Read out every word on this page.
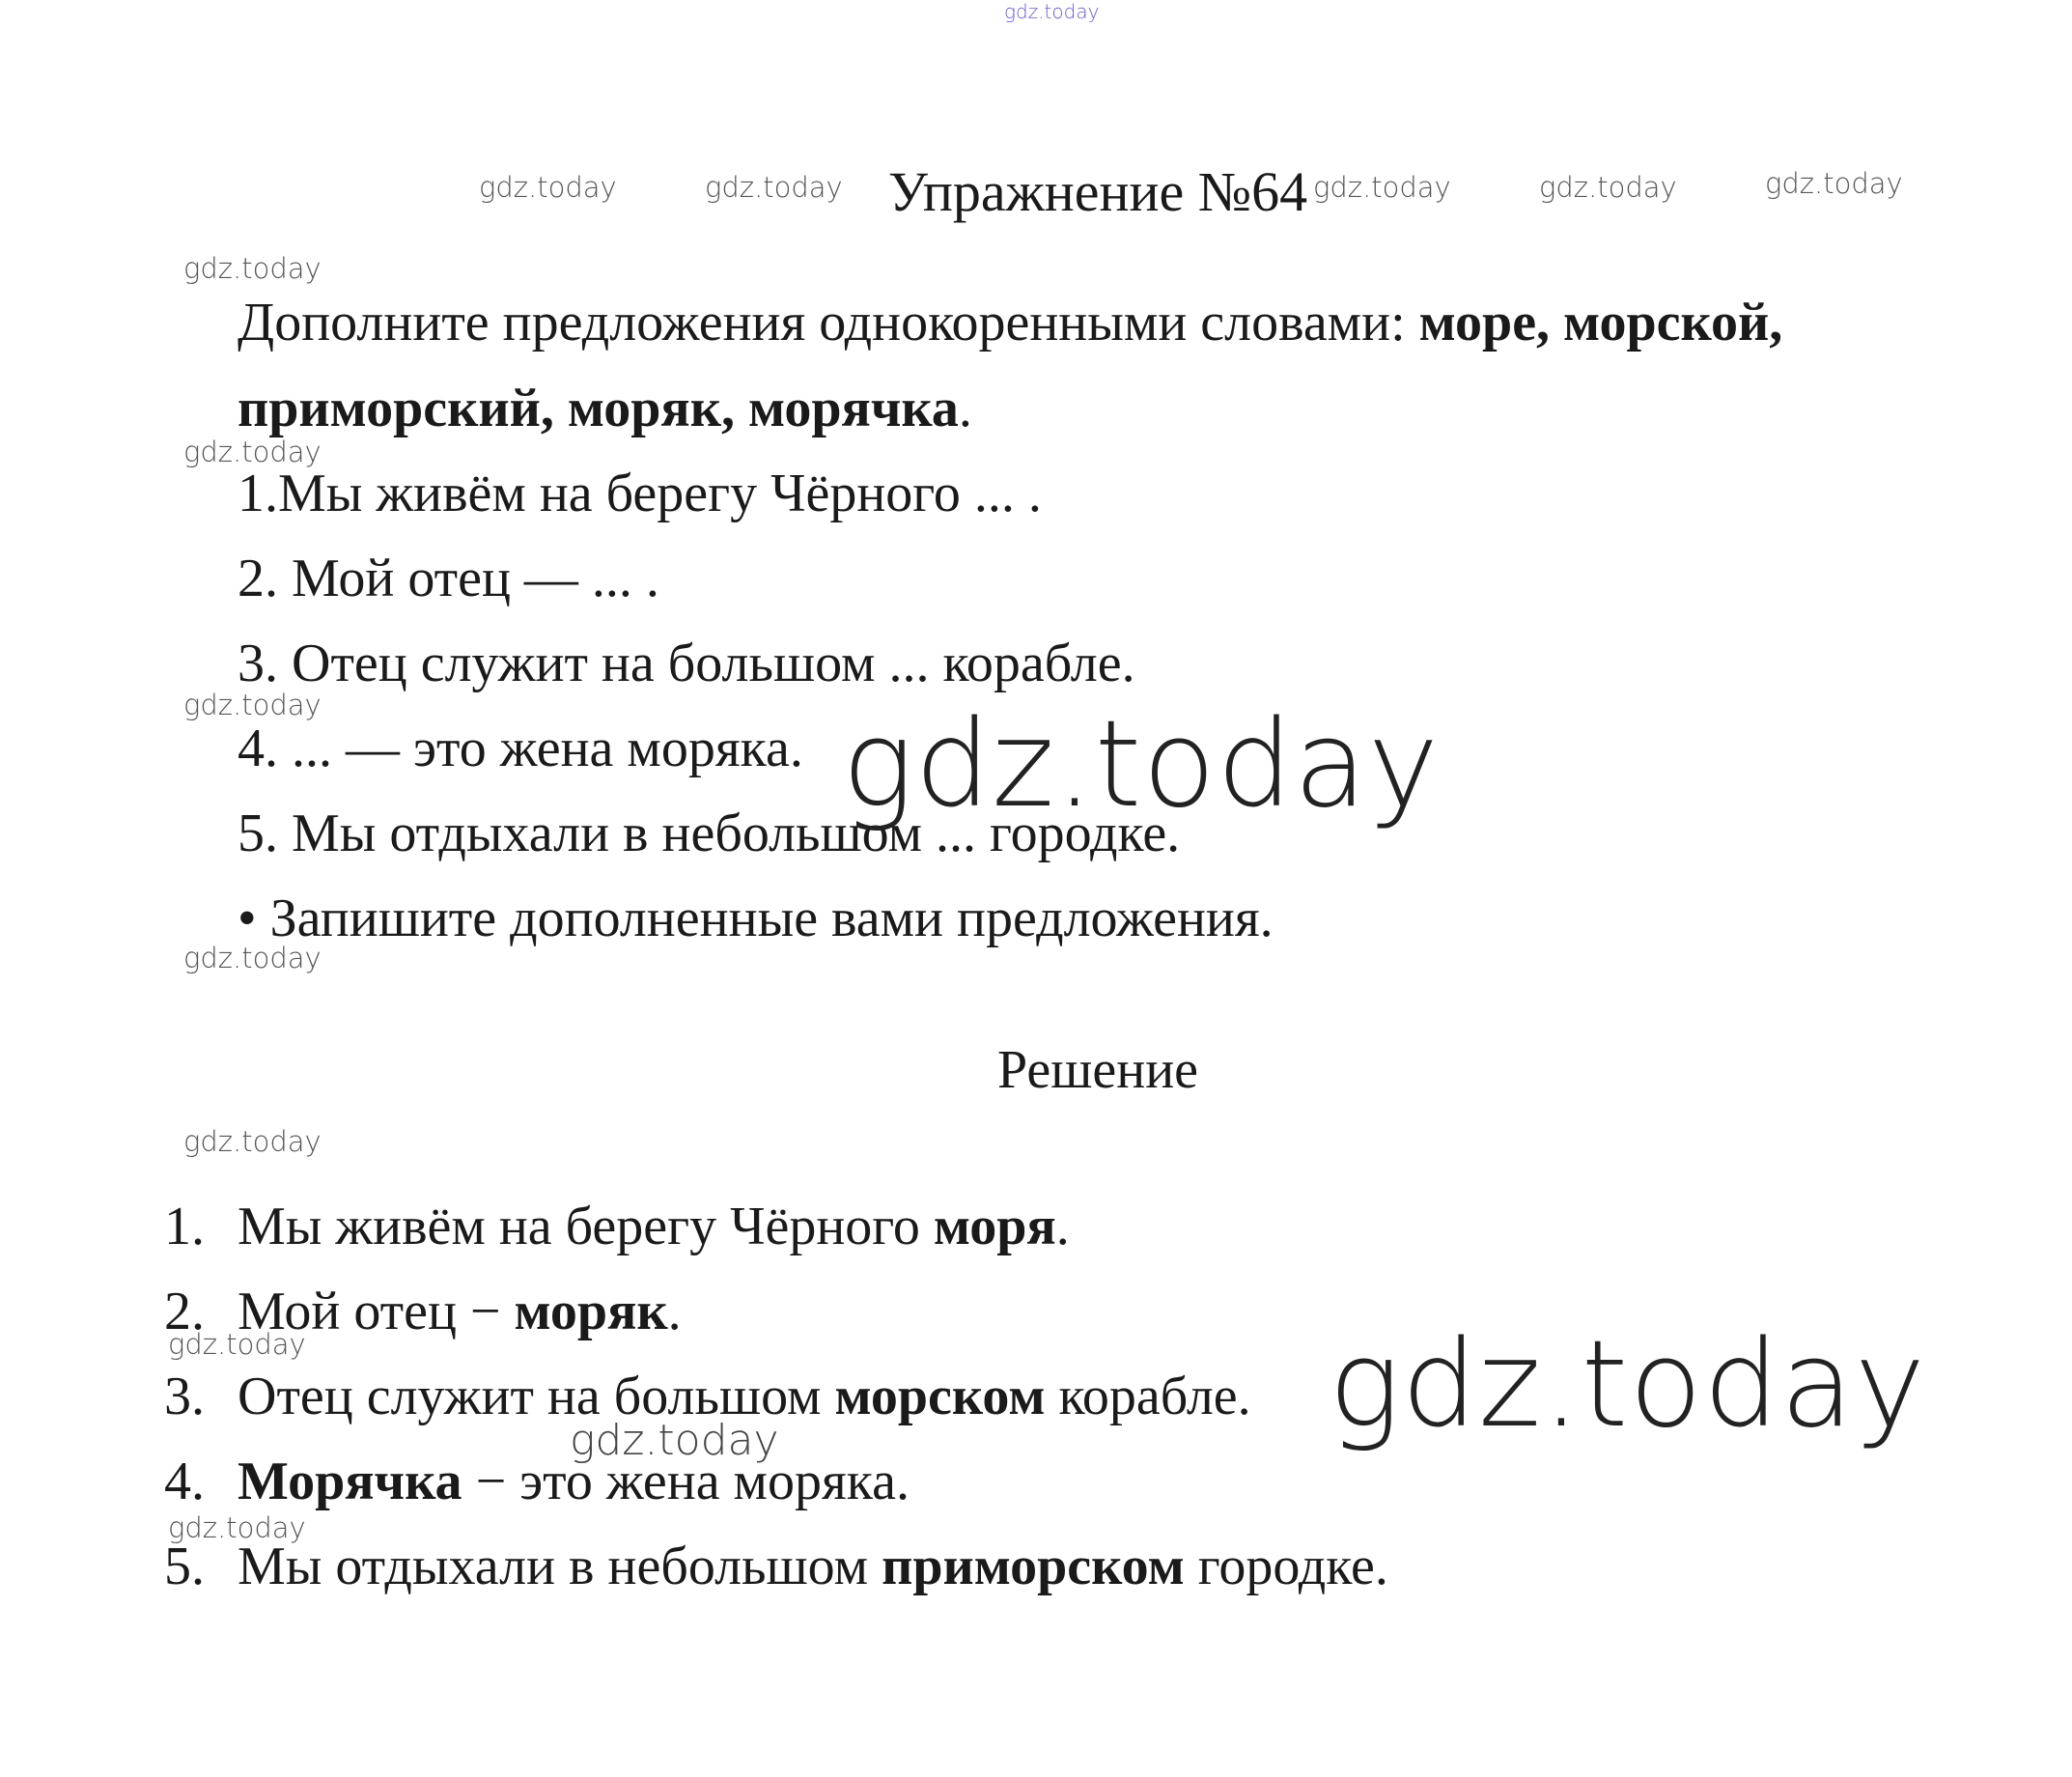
gdz.today
gdz.today	gdz.today	gdz.today	gdz.today	gdz.today
gdz.today
gdz.today
gdz.today
gdz.today
gdz.today
gdz.today
gdz.today
gdz.today
Упражнение №64
Дополните предложения однокоренными словами: море, морской,
приморский, моряк, морячка.
1.Мы живём на берегу Чёрного ... .
2. Мой отец — ... .
3. Отец служит на большом ... корабле.
4. ... — это жена моряка.
5. Мы отдыхали в небольшом ... городке.
• Запишите дополненные вами предложения.
gdz.today
Решение
1. Мы живём на берегу Чёрного моря.
2. Мой отец − моряк.
3. Отец служит на большом морском корабле.
4. Морячка − это жена моряка.
5. Мы отдыхали в небольшом приморском городке.
gdz.today
